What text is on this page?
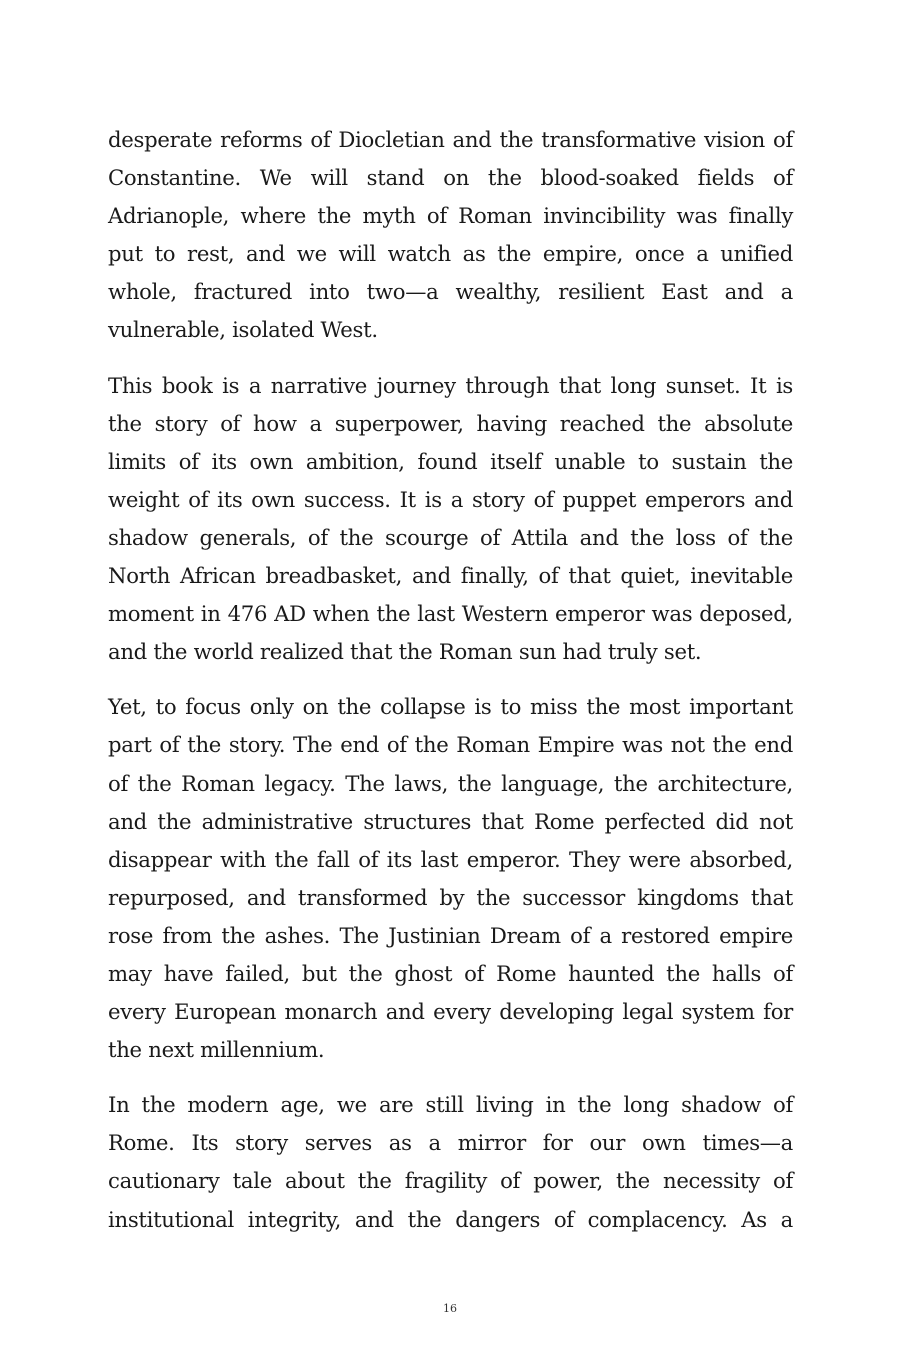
desperate reforms of Diocletian and the transformative vision of Constantine. We will stand on the blood-soaked fields of Adrianople, where the myth of Roman invincibility was finally put to rest, and we will watch as the empire, once a unified whole, fractured into two—a wealthy, resilient East and a vulnerable, isolated West.

This book is a narrative journey through that long sunset. It is the story of how a superpower, having reached the absolute limits of its own ambition, found itself unable to sustain the weight of its own success. It is a story of puppet emperors and shadow generals, of the scourge of Attila and the loss of the North African breadbasket, and finally, of that quiet, inevitable moment in 476 AD when the last Western emperor was deposed, and the world realized that the Roman sun had truly set.

Yet, to focus only on the collapse is to miss the most important part of the story. The end of the Roman Empire was not the end of the Roman legacy. The laws, the language, the architecture, and the administrative structures that Rome perfected did not disappear with the fall of its last emperor. They were absorbed, repurposed, and transformed by the successor kingdoms that rose from the ashes. The Justinian Dream of a restored empire may have failed, but the ghost of Rome haunted the halls of every European monarch and every developing legal system for the next millennium.

In the modern age, we are still living in the long shadow of Rome. Its story serves as a mirror for our own times—a cautionary tale about the fragility of power, the necessity of institutional integrity, and the dangers of complacency. As a

16
